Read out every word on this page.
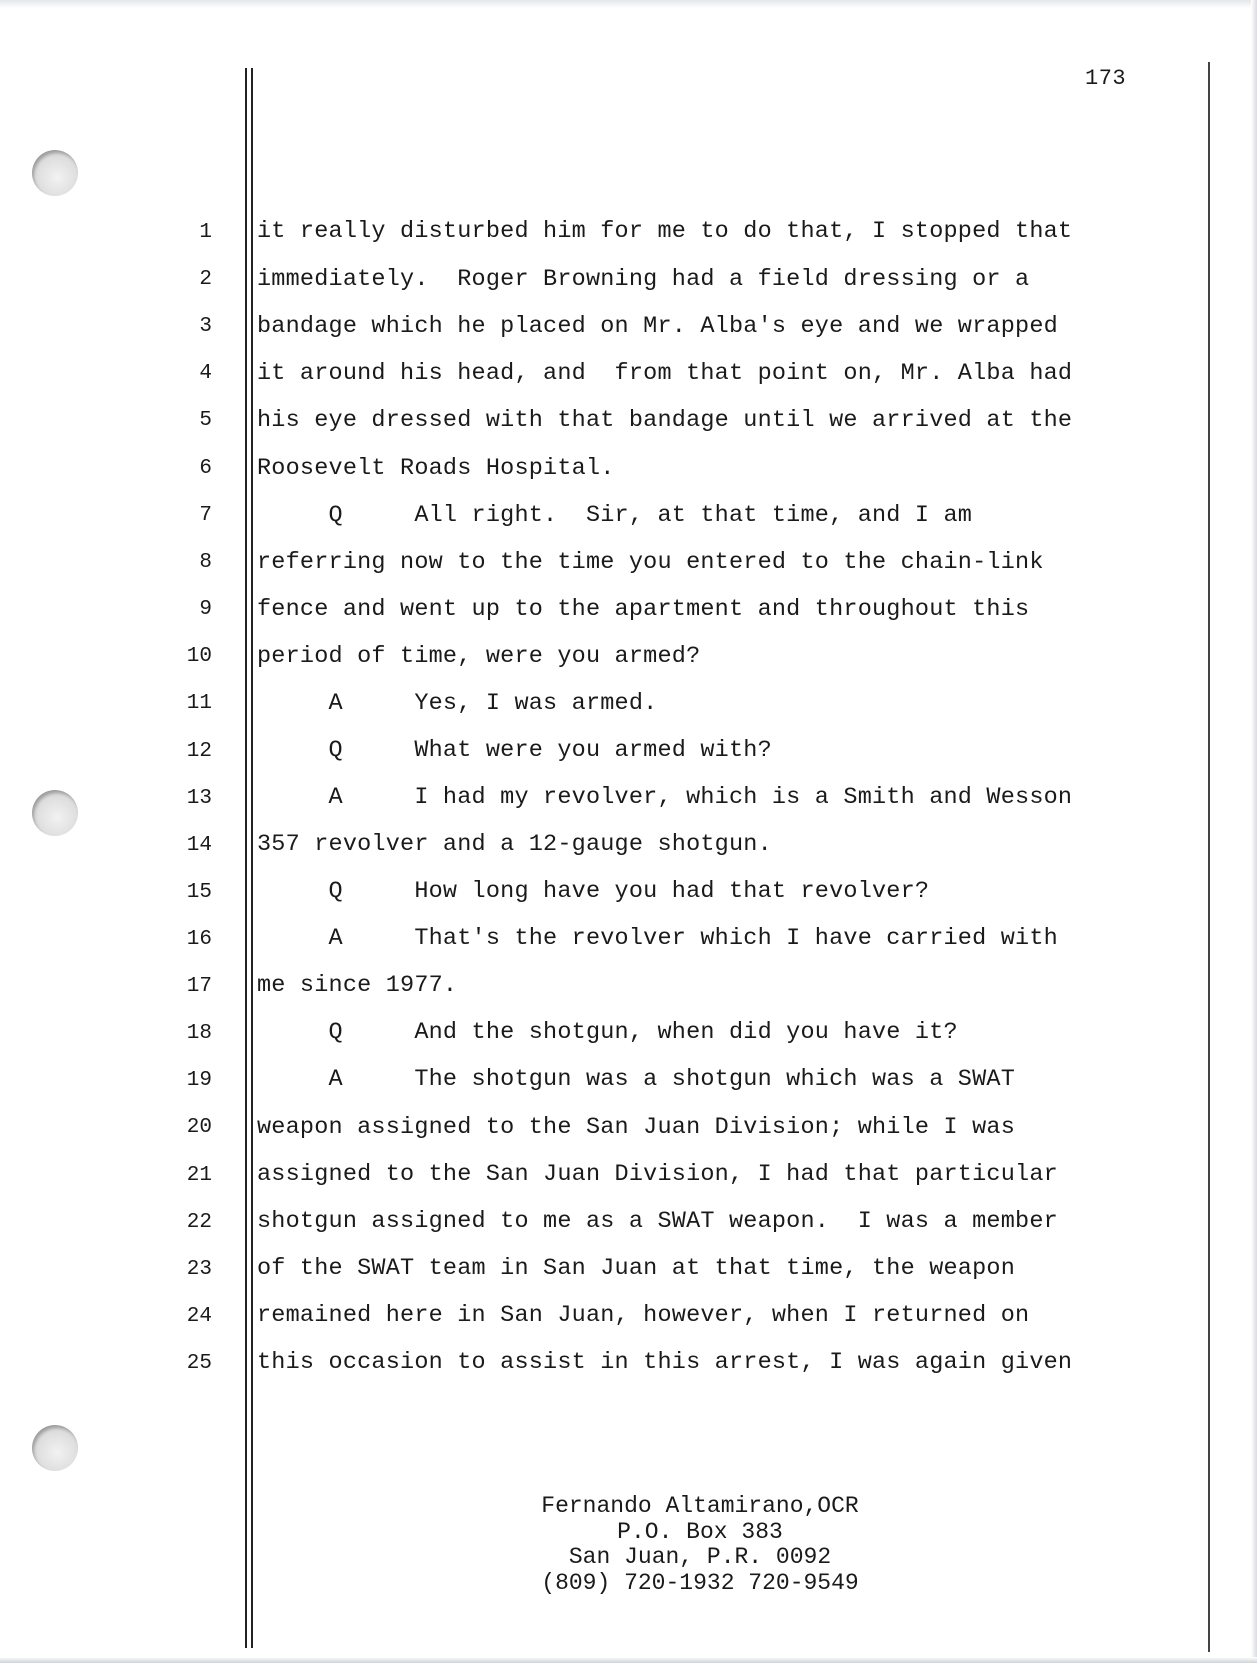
173
1 it really disturbed him for me to do that, I stopped that
2 immediately.  Roger Browning had a field dressing or a
3 bandage which he placed on Mr. Alba's eye and we wrapped
4 it around his head, and  from that point on, Mr. Alba had
5 his eye dressed with that bandage until we arrived at the
6 Roosevelt Roads Hospital.
7 Q     All right.  Sir, at that time, and I am
8 referring now to the time you entered to the chain-link
9 fence and went up to the apartment and throughout this
10 period of time, were you armed?
11 A     Yes, I was armed.
12 Q     What were you armed with?
13 A     I had my revolver, which is a Smith and Wesson
14 357 revolver and a 12-gauge shotgun.
15 Q     How long have you had that revolver?
16 A     That's the revolver which I have carried with
17 me since 1977.
18 Q     And the shotgun, when did you have it?
19 A     The shotgun was a shotgun which was a SWAT
20 weapon assigned to the San Juan Division; while I was
21 assigned to the San Juan Division, I had that particular
22 shotgun assigned to me as a SWAT weapon.  I was a member
23 of the SWAT team in San Juan at that time, the weapon
24 remained here in San Juan, however, when I returned on
25 this occasion to assist in this arrest, I was again given
Fernando Altamirano,OCR
P.O. Box 383
San Juan, P.R. 0092
(809) 720-1932 720-9549
